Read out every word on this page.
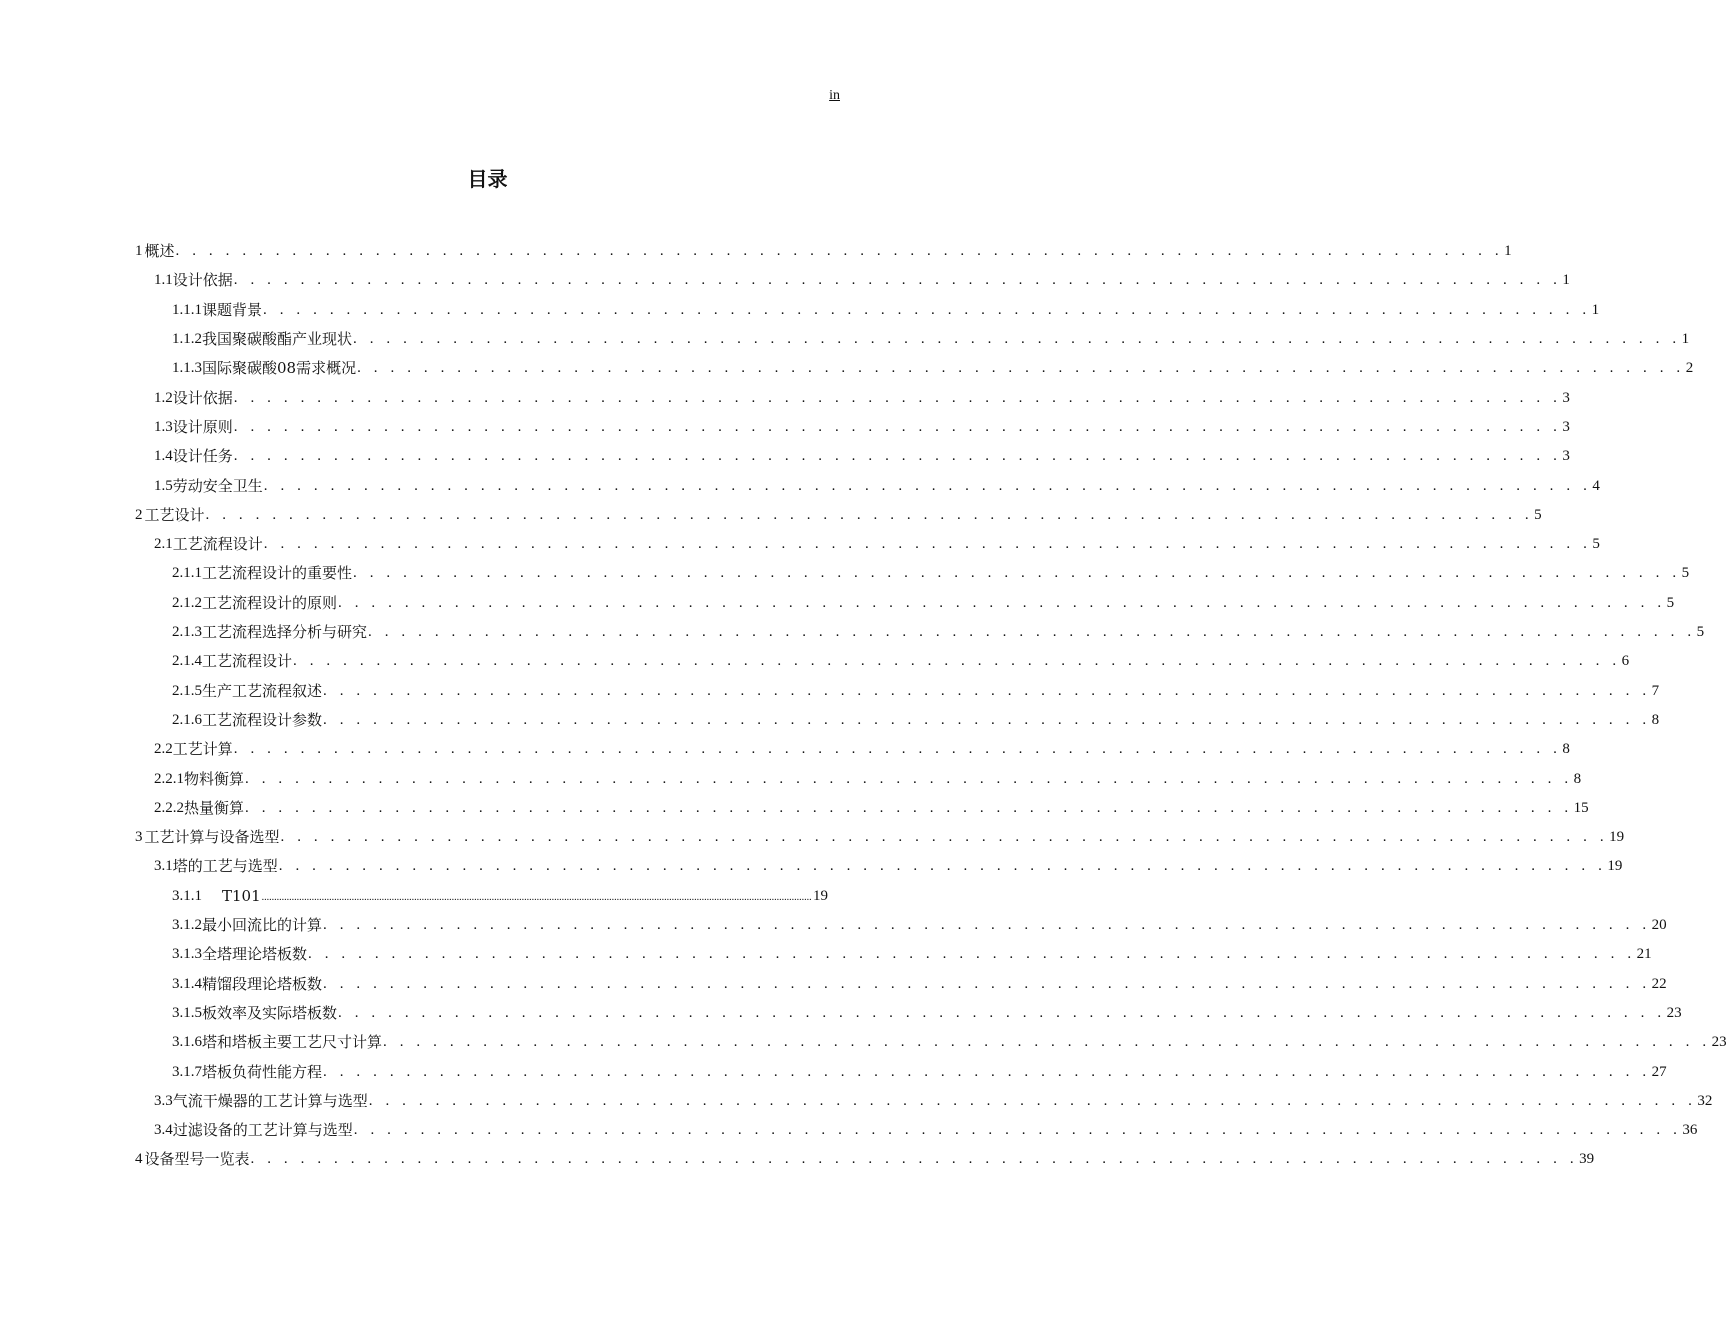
in
目录
1 概述 . . . . . . . . . . . . . . . . . . . . . . . . . . . . . . . . . . . . . . . . . . . . . . . . . . . . . . . . . . . . . . . . . . . . . . . . . . . . . . . . 1
1.1 设计依据 . . . . . . . . . . . . . . . . . . . . . . . . . . . . . . . . . . . . . . . . . . . . . . . . . . . . . . . . . . . . . . . . . . . . . . . . . . . . . . . . 1
1.1.1 课题背景 . . . . . . . . . . . . . . . . . . . . . . . . . . . . . . . . . . . . . . . . . . . . . . . . . . . . . . . . . . . . . . . . . . . . . . . . . . . . . . . . 1
1.1.2 我国聚碳酸酯产业现状 . . . . . . . . . . . . . . . . . . . . . . . . . . . . . . . . . . . . . . . . . . . . . . . . . . . . . . . . . . . . . . . . . . . . . . . . . . . . . . . . 1
1.1.3 国际聚碳酸08需求概况 . . . . . . . . . . . . . . . . . . . . . . . . . . . . . . . . . . . . . . . . . . . . . . . . . . . . . . . . . . . . . . . . . . . . . . . . . . . . . . . . 2
1.2 设计依据 . . . . . . . . . . . . . . . . . . . . . . . . . . . . . . . . . . . . . . . . . . . . . . . . . . . . . . . . . . . . . . . . . . . . . . . . . . . . . . . . 3
1.3 设计原则 . . . . . . . . . . . . . . . . . . . . . . . . . . . . . . . . . . . . . . . . . . . . . . . . . . . . . . . . . . . . . . . . . . . . . . . . . . . . . . . . 3
1.4 设计任务 . . . . . . . . . . . . . . . . . . . . . . . . . . . . . . . . . . . . . . . . . . . . . . . . . . . . . . . . . . . . . . . . . . . . . . . . . . . . . . . . 3
1.5 劳动安全卫生 . . . . . . . . . . . . . . . . . . . . . . . . . . . . . . . . . . . . . . . . . . . . . . . . . . . . . . . . . . . . . . . . . . . . . . . . . . . . . . . . 4
2 工艺设计 . . . . . . . . . . . . . . . . . . . . . . . . . . . . . . . . . . . . . . . . . . . . . . . . . . . . . . . . . . . . . . . . . . . . . . . . . . . . . . . . 5
2.1 工艺流程设计 . . . . . . . . . . . . . . . . . . . . . . . . . . . . . . . . . . . . . . . . . . . . . . . . . . . . . . . . . . . . . . . . . . . . . . . . . . . . . . . . 5
2.1.1 工艺流程设计的重要性 . . . . . . . . . . . . . . . . . . . . . . . . . . . . . . . . . . . . . . . . . . . . . . . . . . . . . . . . . . . . . . . . . . . . . . . . . . . . . . . . 5
2.1.2 工艺流程设计的原则 . . . . . . . . . . . . . . . . . . . . . . . . . . . . . . . . . . . . . . . . . . . . . . . . . . . . . . . . . . . . . . . . . . . . . . . . . . . . . . . . 5
2.1.3 工艺流程选择分析与研究 . . . . . . . . . . . . . . . . . . . . . . . . . . . . . . . . . . . . . . . . . . . . . . . . . . . . . . . . . . . . . . . . . . . . . . . . . . . . . . . . 5
2.1.4 工艺流程设计 . . . . . . . . . . . . . . . . . . . . . . . . . . . . . . . . . . . . . . . . . . . . . . . . . . . . . . . . . . . . . . . . . . . . . . . . . . . . . . . . 6
2.1.5 生产工艺流程叙述 . . . . . . . . . . . . . . . . . . . . . . . . . . . . . . . . . . . . . . . . . . . . . . . . . . . . . . . . . . . . . . . . . . . . . . . . . . . . . . . . 7
2.1.6 工艺流程设计参数 . . . . . . . . . . . . . . . . . . . . . . . . . . . . . . . . . . . . . . . . . . . . . . . . . . . . . . . . . . . . . . . . . . . . . . . . . . . . . . . . 8
2.2 工艺计算 . . . . . . . . . . . . . . . . . . . . . . . . . . . . . . . . . . . . . . . . . . . . . . . . . . . . . . . . . . . . . . . . . . . . . . . . . . . . . . . . 8
2.2.1 物料衡算 . . . . . . . . . . . . . . . . . . . . . . . . . . . . . . . . . . . . . . . . . . . . . . . . . . . . . . . . . . . . . . . . . . . . . . . . . . . . . . . . 8
2.2.2 热量衡算 . . . . . . . . . . . . . . . . . . . . . . . . . . . . . . . . . . . . . . . . . . . . . . . . . . . . . . . . . . . . . . . . . . . . . . . . . . . . . . . . 15
3 工艺计算与设备选型 . . . . . . . . . . . . . . . . . . . . . . . . . . . . . . . . . . . . . . . . . . . . . . . . . . . . . . . . . . . . . . . . . . . . . . . . . . . . . . . . 19
3.1 塔的工艺与选型 . . . . . . . . . . . . . . . . . . . . . . . . . . . . . . . . . . . . . . . . . . . . . . . . . . . . . . . . . . . . . . . . . . . . . . . . . . . . . . . . 19
3.1.1	T101 ............................................................................................................................................................................................................................ 19
3.1.2 最小回流比的计算 . . . . . . . . . . . . . . . . . . . . . . . . . . . . . . . . . . . . . . . . . . . . . . . . . . . . . . . . . . . . . . . . . . . . . . . . . . . . . . . . 20
3.1.3 全塔理论塔板数 . . . . . . . . . . . . . . . . . . . . . . . . . . . . . . . . . . . . . . . . . . . . . . . . . . . . . . . . . . . . . . . . . . . . . . . . . . . . . . . . 21
3.1.4 精馏段理论塔板数 . . . . . . . . . . . . . . . . . . . . . . . . . . . . . . . . . . . . . . . . . . . . . . . . . . . . . . . . . . . . . . . . . . . . . . . . . . . . . . . . 22
3.1.5 板效率及实际塔板数 . . . . . . . . . . . . . . . . . . . . . . . . . . . . . . . . . . . . . . . . . . . . . . . . . . . . . . . . . . . . . . . . . . . . . . . . . . . . . . . . 23
3.1.6 塔和塔板主要工艺尺寸计算 . . . . . . . . . . . . . . . . . . . . . . . . . . . . . . . . . . . . . . . . . . . . . . . . . . . . . . . . . . . . . . . . . . . . . . . . . . . . . . . . 23
3.1.7 塔板负荷性能方程 . . . . . . . . . . . . . . . . . . . . . . . . . . . . . . . . . . . . . . . . . . . . . . . . . . . . . . . . . . . . . . . . . . . . . . . . . . . . . . . . 27
3.3 气流干燥器的工艺计算与选型 . . . . . . . . . . . . . . . . . . . . . . . . . . . . . . . . . . . . . . . . . . . . . . . . . . . . . . . . . . . . . . . . . . . . . . . . . . . . . . . . 32
3.4 过滤设备的工艺计算与选型 . . . . . . . . . . . . . . . . . . . . . . . . . . . . . . . . . . . . . . . . . . . . . . . . . . . . . . . . . . . . . . . . . . . . . . . . . . . . . . . . 36
4 设备型号一览表 . . . . . . . . . . . . . . . . . . . . . . . . . . . . . . . . . . . . . . . . . . . . . . . . . . . . . . . . . . . . . . . . . . . . . . . . . . . . . . . . 39
